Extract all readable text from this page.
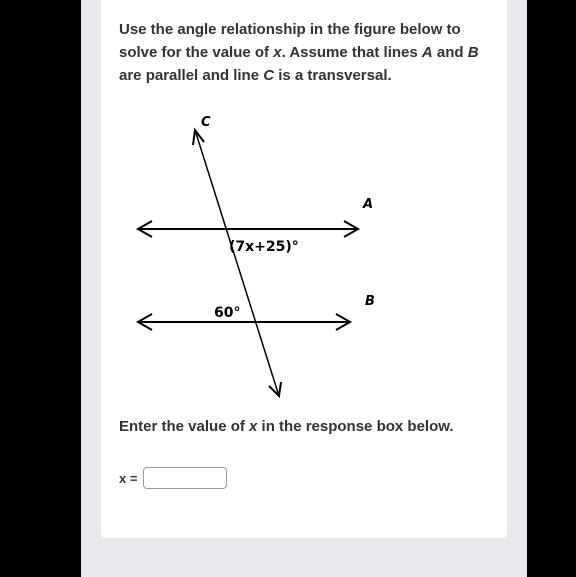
Use the angle relationship in the figure below to solve for the value of x. Assume that lines A and B are parallel and line C is a transversal.
C
A
B
(7x+25)°
60°
Enter the value of x in the response box below.
x =
